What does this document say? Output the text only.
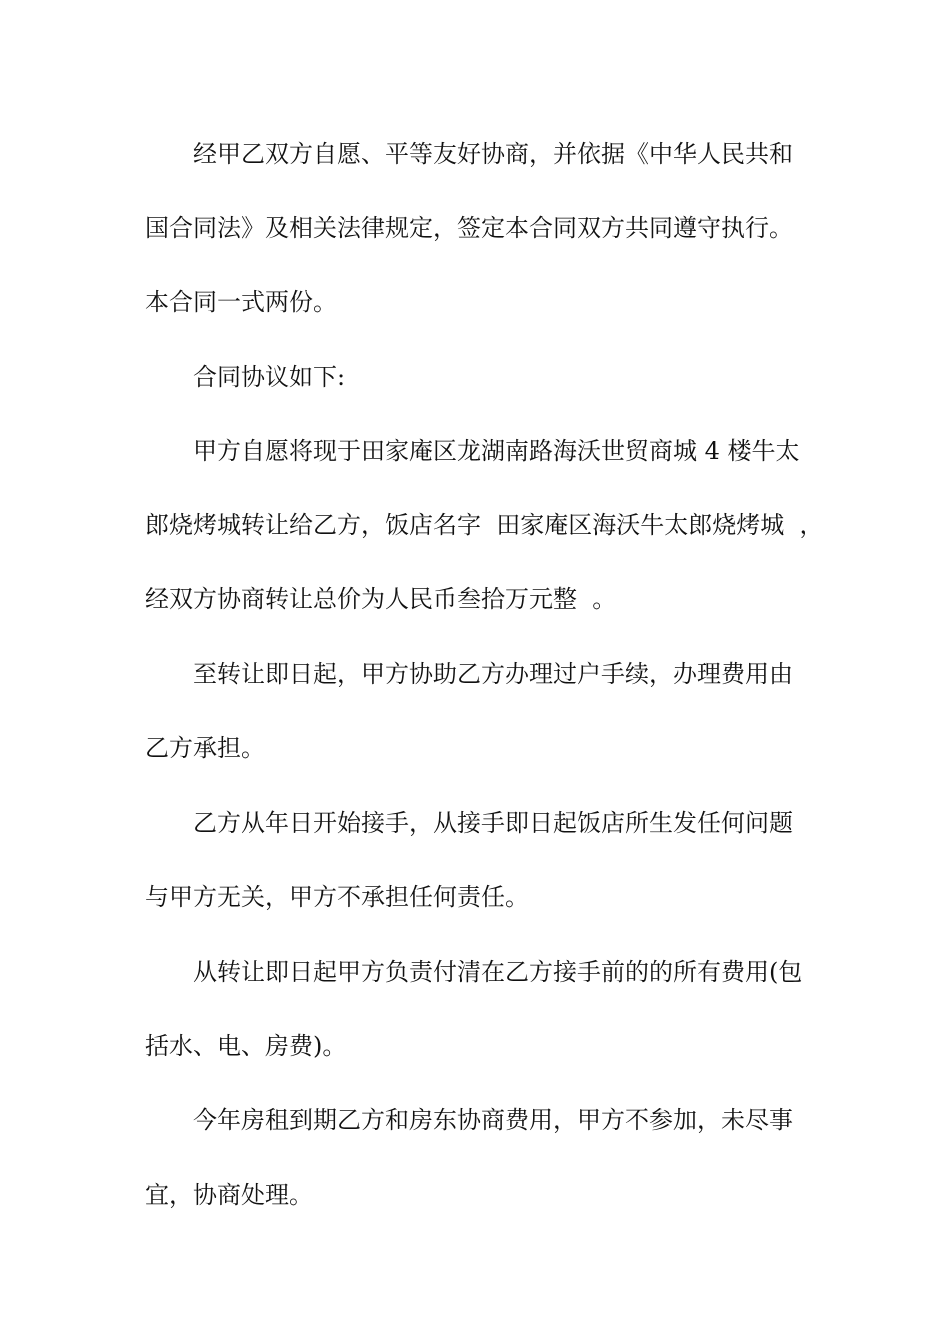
经甲乙双方自愿、平等友好协商，并依据《中华人民共和
国合同法》及相关法律规定，签定本合同双方共同遵守执行。
本合同一式两份。
合同协议如下:
甲方自愿将现于田家庵区龙湖南路海沃世贸商城 4 楼牛太
郎烧烤城转让给乙方，饭店名字  田家庵区海沃牛太郎烧烤城  ，
经双方协商转让总价为人民币叁拾万元整  。
至转让即日起，甲方协助乙方办理过户手续，办理费用由
乙方承担。
乙方从年日开始接手，从接手即日起饭店所生发任何问题
与甲方无关，甲方不承担任何责任。
从转让即日起甲方负责付清在乙方接手前的的所有费用(包
括水、电、房费)。
今年房租到期乙方和房东协商费用，甲方不参加，未尽事
宜，协商处理。
